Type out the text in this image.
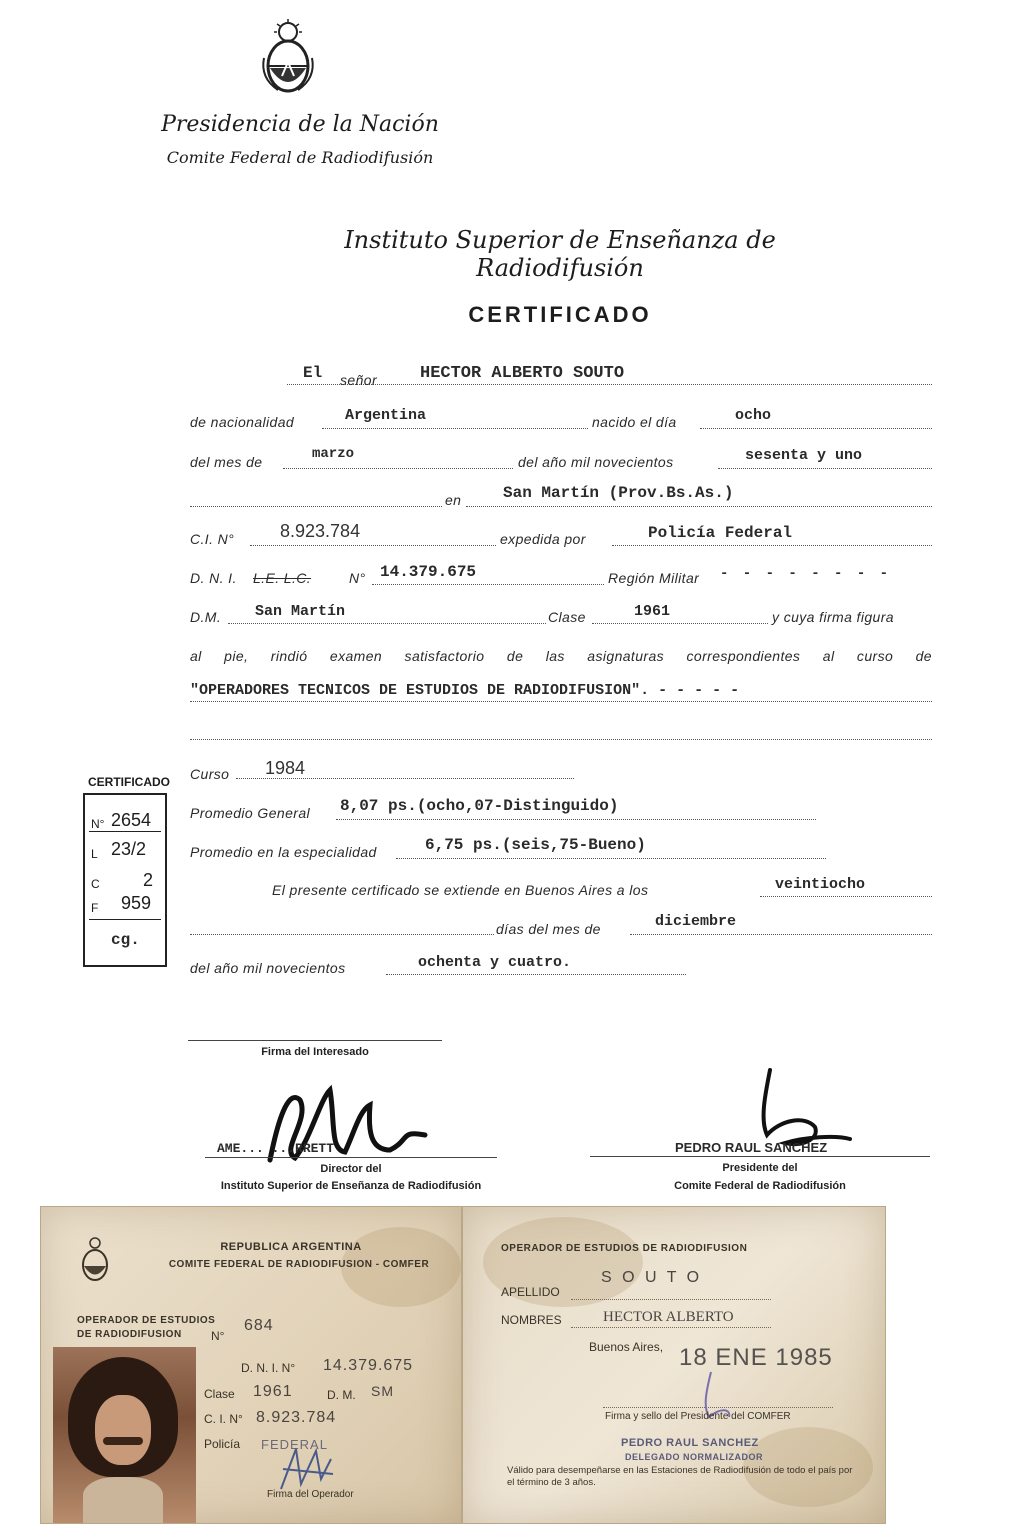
Presidencia de la Nación
Comite Federal de Radiodifusión
Instituto Superior de Enseñanza de Radiodifusión
CERTIFICADO
El señor	HECTOR ALBERTO SOUTO
de nacionalidad	Argentina	nacido el día	ocho
del mes de	marzo	del año mil novecientos	sesenta y uno
en	San Martín (Prov.Bs.As.)
C.I. N°	8.923.784	expedida por	Policía Federal
D. N. I. L.E. L.C.	N° 14.379.675	Región Militar - - - - - - - -
D.M. San Martín	Clase	1961	y cuya firma figura
al pie, rindió examen satisfactorio de las asignaturas correspondientes al curso de
"OPERADORES TECNICOS DE ESTUDIOS DE RADIODIFUSION". - - - - -
Curso 1984
Promedio General 8,07 ps.(ocho,07-Distinguido)
Promedio en la especialidad	6,75 ps.(seis,75-Bueno)
El presente certificado se extiende en Buenos Aires a los	veintiocho
días del mes de	diciembre
del año mil novecientos	ochenta y cuatro.
CERTIFICADO
N° 2654
L 23/2
C 2
F 959
cg.
Firma del Interesado
AME... ...RRETT
Director del
Instituto Superior de Enseñanza de Radiodifusión
PEDRO RAUL SANCHEZ
Presidente del
Comite Federal de Radiodifusión
REPUBLICA ARGENTINA
COMITE FEDERAL DE RADIODIFUSION - COMFER
OPERADOR DE ESTUDIOS
DE RADIODIFUSION N°
684
D. N. I. N° 14.379.675
Clase 1961	D. M. SM
C. I. N° 8.923.784
Policía FEDERAL
Firma del Operador
OPERADOR DE ESTUDIOS DE RADIODIFUSION
APELLIDO
S O U T O
NOMBRES	HECTOR ALBERTO
Buenos Aires, 18 ENE 1985
Firma y sello del Presidente del COMFER
PEDRO RAUL SANCHEZ
DELEGADO NORMALIZADOR
Válido para desempeñarse en las Estaciones de Radiodifusión de todo el país por el término de 3 años.
